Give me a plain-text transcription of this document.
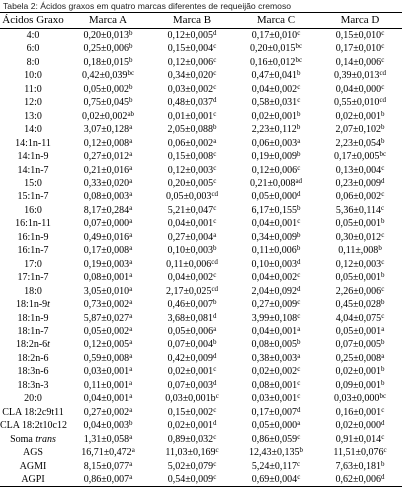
Tabela 2: Ácidos graxos em quatro marcas diferentes de requeijão cremoso
Ácidos Graxo	Marca A	Marca B	Marca C	Marca D
4:0	0,20±0,013$^b$	0,12±0,005$^d$	0,17±0,010$^c$	0,15±0,010$^c$
6:0	0,25±0,006$^b$	0,15±0,004$^c$	0,20±0,015$^{bc}$	0,17±0,010$^c$
8:0	0,18±0,015$^b$	0,12±0,006$^c$	0,16±0,012$^{bc}$	0,14±0,006$^c$
10:0	0,42±0,039$^{bc}$	0,34±0,020$^c$	0,47±0,041$^b$	0,39±0,013$^{cd}$
11:0	0,05±0,002$^b$	0,03±0,002$^c$	0,04±0,002$^c$	0,04±0,000$^c$
12:0	0,75±0,045$^b$	0,48±0,037$^d$	0,58±0,031$^c$	0,55±0,010$^{cd}$
13:0	0,02±0,002$^{ab}$	0,01±0,001$^c$	0,02±0,001$^b$	0,02±0,001$^b$
14:0	3,07±0,128$^a$	2,05±0,088$^b$	2,23±0,112$^b$	2,07±0,102$^b$
14:1n-11	0,12±0,008$^a$	0,06±0,002$^a$	0,06±0,003$^a$	2,23±0,054$^b$
14:1n-9	0,27±0,012$^a$	0,15±0,008$^c$	0,19±0,009$^b$	0,17±0,005$^{bc}$
14:1n-7	0,21±0,016$^a$	0,12±0,003$^c$	0,12±0,006$^c$	0,13±0,004$^c$
15:0	0,33±0,020$^a$	0,20±0,005$^c$	0,21±0,008$^{ad}$	0,23±0,009$^d$
15:1n-7	0,08±0,003$^a$	0,05±0,003$^{cd}$	0,05±0,000$^d$	0,06±0,002$^c$
16:0	8,17±0,284$^a$	5,21±0,047$^c$	6,17±0,155$^b$	5,36±0,114$^c$
16:1n-11	0,07±0,000$^a$	0,04±0,001$^c$	0,04±0,001$^c$	0,05±0,001$^b$
16:1n-9	0,49±0,016$^a$	0,27±0,004$^a$	0,34±0,009$^b$	0,30±0,012$^c$
16:1n-7	0,17±0,008$^a$	0,10±0,003$^b$	0,11±0,006$^b$	0,11±,008$^b$
17:0	0,19±0,003$^a$	0,11±0,006$^{cd}$	0,10±0,003$^d$	0,12±0,003$^c$
17:1n-7	0,08±0,001$^a$	0,04±0,002$^c$	0,04±0,002$^c$	0,05±0,001$^b$
18:0	3,05±0,010$^a$	2,17±0,025$^{cd}$	2,04±0,092$^d$	2,26±0,006$^c$
18:1n-9t	0,73±0,002$^a$	0,46±0,007$^b$	0,27±0,009$^c$	0,45±0,028$^b$
18:1n-9	5,87±0,027$^a$	3,68±0,081$^d$	3,99±0,108$^c$	4,04±0,075$^c$
18:1n-7	0,05±0,002$^a$	0,05±0,006$^a$	0,04±0,001$^a$	0,05±0,001$^a$
18:2n-6t	0,12±0,005$^a$	0,07±0,004$^b$	0,08±0,005$^b$	0,07±0,005$^b$
18:2n-6	0,59±0,008$^a$	0,42±0,009$^d$	0,38±0,003$^a$	0,25±0,008$^a$
18:3n-6	0,03±0,001$^a$	0,02±0,001$^c$	0,02±0,002$^c$	0,02±0,001$^b$
18:3n-3	0,11±0,001$^a$	0,07±0,003$^d$	0,08±0,001$^c$	0,09±0,001$^b$
20:0	0,04±0,001$^a$	$0,03\pm 0,001b^c$	0,03±0,001$^c$	0,03±0,000$^{bc}$
CLA 18:2c9t11	0,27±0,002$^a$	0,15±0,002$^c$	0,17±0,007$^d$	0,16±0,001$^c$
CLA 18:2t10c12	0,04±0,003$^b$	0,02±0,001$^d$	0,05±0,000$^a$	0,02±0,000$^d$
Soma trans	1,31±0,058$^a$	0,89±0,032$^c$	0,86±0,059$^c$	0,91±0,014$^c$
AGS	16,71±0,472$^a$	11,03±0,169$^c$	12,43±0,135$^b$	11,51±0,076$^c$
AGMI	8,15±0,077$^a$	5,02±0,079$^c$	5,24±0,117$^c$	7,63±0,181$^b$
AGPI	0,86±0,007$^a$	0,54±0,009$^c$	0,69±0,004$^c$	0,62±0,006$^d$
